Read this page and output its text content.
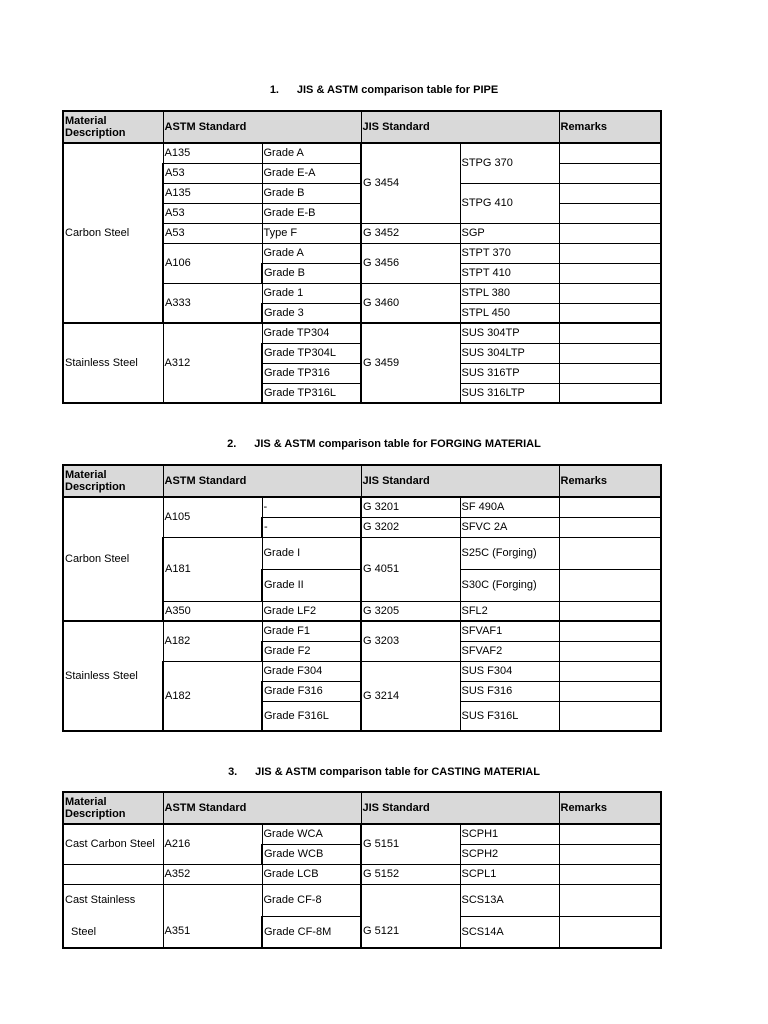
1. JIS & ASTM comparison table for PIPE
Material Description	ASTM Standard		JIS Standard		Remarks
Carbon Steel	A135	Grade A	G 3454	STPG 370	
	A53	Grade E-A			
	A135	Grade B		STPG 410	
	A53	Grade E-B			
	A53	Type F	G 3452	SGP	
	A106	Grade A	G 3456	STPT 370	
		Grade B		STPT 410	
	A333	Grade 1	G 3460	STPL 380	
		Grade 3		STPL 450	
Stainless Steel	A312	Grade TP304	G 3459	SUS 304TP	
		Grade TP304L		SUS 304LTP	
		Grade TP316		SUS 316TP	
		Grade TP316L		SUS 316LTP	
2. JIS & ASTM comparison table for FORGING MATERIAL
Material Description	ASTM Standard		JIS Standard		Remarks
Carbon Steel	A105	-	G 3201	SF 490A	
		-	G 3202	SFVC 2A	
	A181	Grade I	G 4051	S25C (Forging)	
		Grade II		S30C (Forging)	
	A350	Grade LF2	G 3205	SFL2	
Stainless Steel	A182	Grade F1	G 3203	SFVAF1	
		Grade F2		SFVAF2	
	A182	Grade F304	G 3214	SUS F304	
		Grade F316		SUS F316	
		Grade F316L		SUS F316L	
3. JIS & ASTM comparison table for CASTING MATERIAL
Material Description	ASTM Standard		JIS Standard		Remarks
Cast Carbon Steel	A216	Grade WCA	G 5151	SCPH1	
		Grade WCB		SCPH2	
	A352	Grade LCB	G 5152	SCPL1	

Cast Stainless
Steel	A351	Grade CF-8	G 5121	SCS13A	
		Grade CF-8M		SCS14A	
